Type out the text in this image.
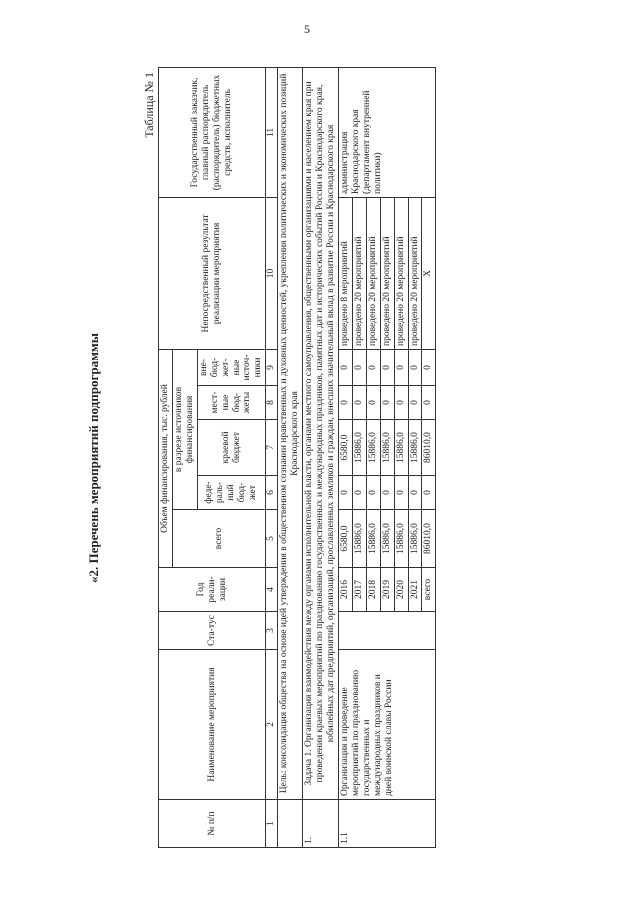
5
«2. Перечень мероприятий подпрограммы
Таблица № 1
№ п/п	Наименование мероприятия	Ста-тус	Год реали-зации	Объем финансирования, тыс. рублей					Непосредственный результат реализации мероприятия	Государственный заказчик, главный распорядитель (распорядитель) бюджетных средств, исполнитель
				всего	в разрезе источников финансирования					
					феде-раль-ный бюд-жет	краевой бюджет	мест-ные бюд-жеты	вне-бюд-жет-ные источ-ники		
1	2	3	4	5	6	7	8	9	10	11
	Цель: консолидация общества на основе идей утверждения в общественном сознании нравственных и духовных ценностей, укрепления политических и экономических позиций Краснодарского края									
1.	Задача 1. Организация взаимодействия между органами исполнительной власти, органами местного самоуправления, общественными организациями и населением края при проведении краевых мероприятий по празднованию государственных и международных праздников, памятных дат и исторических событий России и Краснодарского края, юбилейных дат предприятий, организаций, прославленных земляков и граждан, внесших значительный вклад в развитие России и Краснодарского края									
1.1	Организация и проведение мероприятий по празднованию государственных и международных праздников и дней воинской славы России		2016	6580,0	0	6580,0	0	0	проведено 8 мероприятий	администрация Краснодарского края (департамент внутренней политики)
			2017	15886,0	0	15886,0	0	0	проведено 20 мероприятий	
			2018	15886,0	0	15886,0	0	0	проведено 20 мероприятий	
			2019	15886,0	0	15886,0	0	0	проведено 20 мероприятий	
			2020	15886,0	0	15886,0	0	0	проведено 20 мероприятий	
			2021	15886,0	0	15886,0	0	0	проведено 20 мероприятий	
			всего	86010,0	0	86010,0	0	0	Х	
